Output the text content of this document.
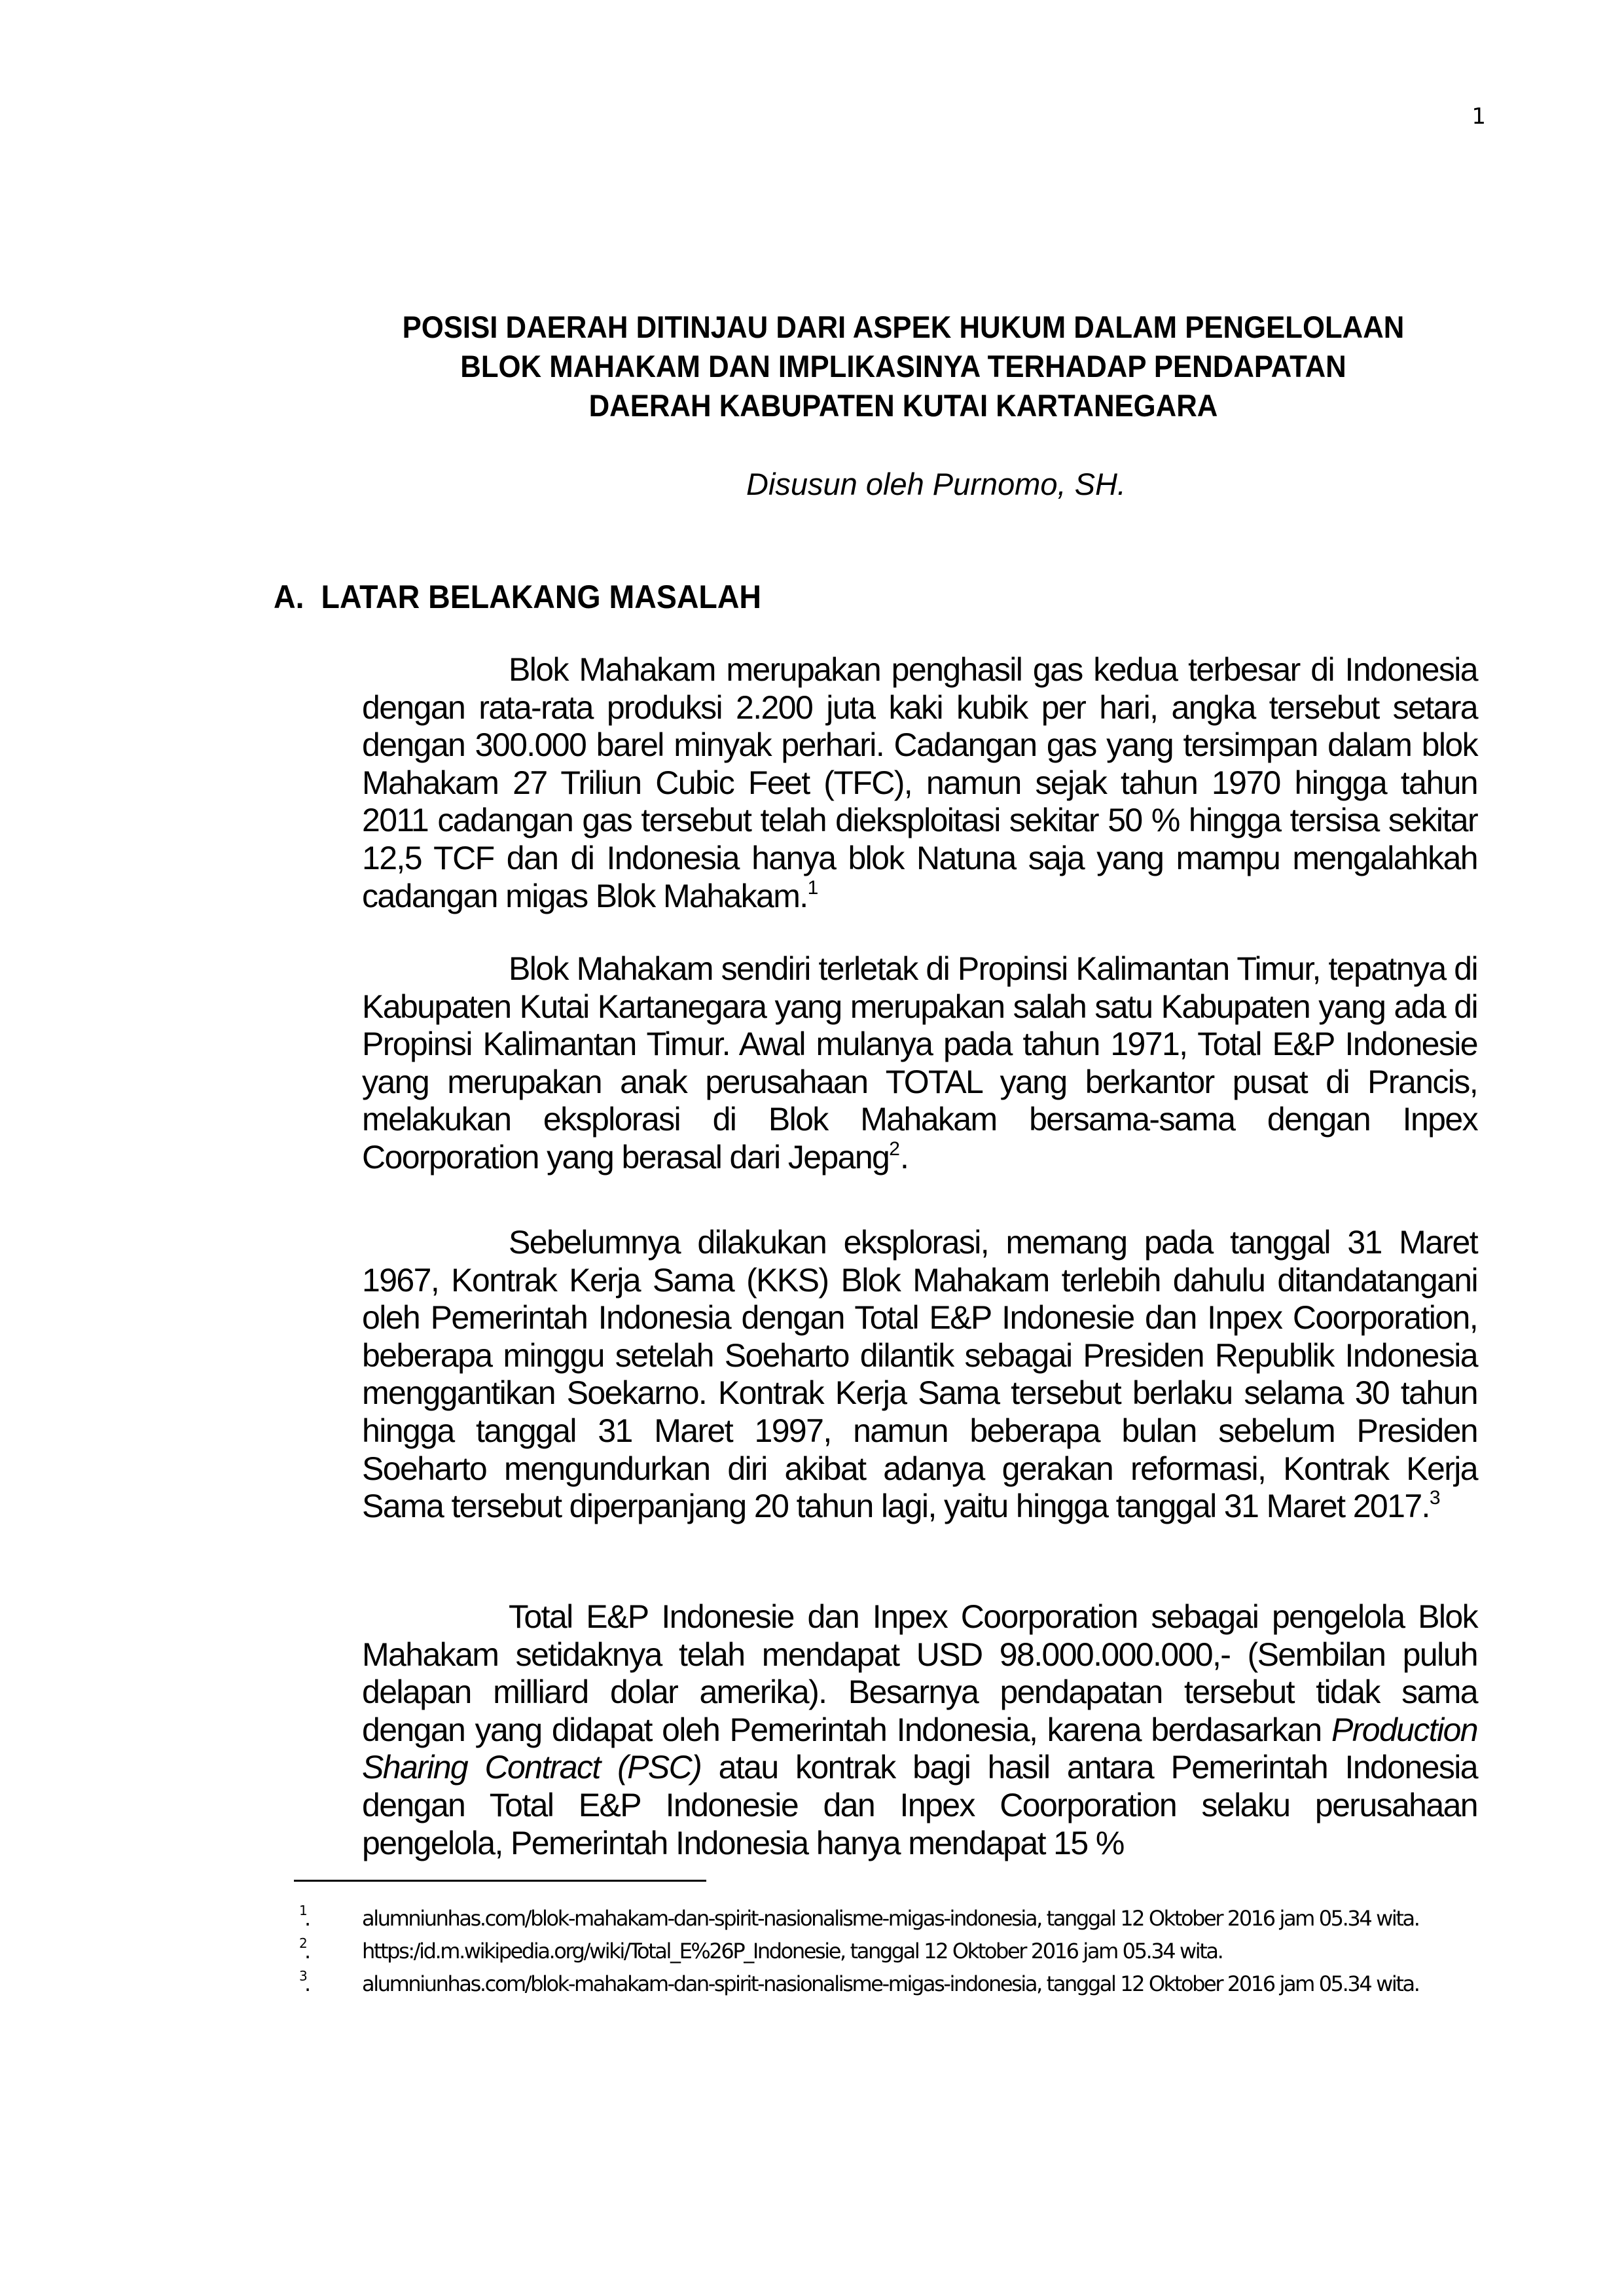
1
POSISI DAERAH DITINJAU DARI ASPEK HUKUM DALAM PENGELOLAAN
BLOK MAHAKAM DAN IMPLIKASINYA TERHADAP PENDAPATAN
DAERAH KABUPATEN KUTAI KARTANEGARA
Disusun oleh Purnomo, SH.
A. LATAR BELAKANG MASALAH

Blok Mahakam merupakan penghasil gas kedua terbesar di Indonesia dengan rata-rata produksi 2.200 juta kaki kubik per hari, angka tersebut setara dengan 300.000 barel minyak perhari. Cadangan gas yang tersimpan dalam blok Mahakam 27 Triliun Cubic Feet (TFC), namun sejak tahun 1970 hingga tahun 2011 cadangan gas tersebut telah dieksploitasi sekitar 50 % hingga tersisa sekitar 12,5 TCF dan di Indonesia hanya blok Natuna saja yang mampu mengalahkah cadangan migas Blok Mahakam.$^1$

Blok Mahakam sendiri terletak di Propinsi Kalimantan Timur, tepatnya di Kabupaten Kutai Kartanegara yang merupakan salah satu Kabupaten yang ada di Propinsi Kalimantan Timur. Awal mulanya pada tahun 1971, Total E&P Indonesie yang merupakan anak perusahaan TOTAL yang berkantor pusat di Prancis, melakukan eksplorasi di Blok Mahakam bersama-sama dengan Inpex Coorporation yang berasal dari Jepang$^2$.

Sebelumnya dilakukan eksplorasi, memang pada tanggal 31 Maret 1967, Kontrak Kerja Sama (KKS) Blok Mahakam terlebih dahulu ditandatangani oleh Pemerintah Indonesia dengan Total E&P Indonesie dan Inpex Coorporation, beberapa minggu setelah Soeharto dilantik sebagai Presiden Republik Indonesia menggantikan Soekarno. Kontrak Kerja Sama tersebut berlaku selama 30 tahun hingga tanggal 31 Maret 1997, namun beberapa bulan sebelum Presiden Soeharto mengundurkan diri akibat adanya gerakan reformasi, Kontrak Kerja Sama tersebut diperpanjang 20 tahun lagi, yaitu hingga tanggal 31 Maret 2017.$^3$

Total E&P Indonesie dan Inpex Coorporation sebagai pengelola Blok Mahakam setidaknya telah mendapat USD 98.000.000.000,- (Sembilan puluh delapan milliard dolar amerika). Besarnya pendapatan tersebut tidak sama dengan yang didapat oleh Pemerintah Indonesia, karena berdasarkan Production Sharing Contract (PSC) atau kontrak bagi hasil antara Pemerintah Indonesia dengan Total E&P Indonesie dan Inpex Coorporation selaku perusahaan pengelola, Pemerintah Indonesia hanya mendapat 15 %

1
.	alumniunhas.com/blok-mahakam-dan-spirit-nasionalisme-migas-indonesia, tanggal 12 Oktober 2016 jam 05.34 wita.
2
.	https:/id.m.wikipedia.org/wiki/Total_E%26P_Indonesie, tanggal 12 Oktober 2016 jam 05.34 wita.
3
.	alumniunhas.com/blok-mahakam-dan-spirit-nasionalisme-migas-indonesia, tanggal 12 Oktober 2016 jam 05.34 wita.
